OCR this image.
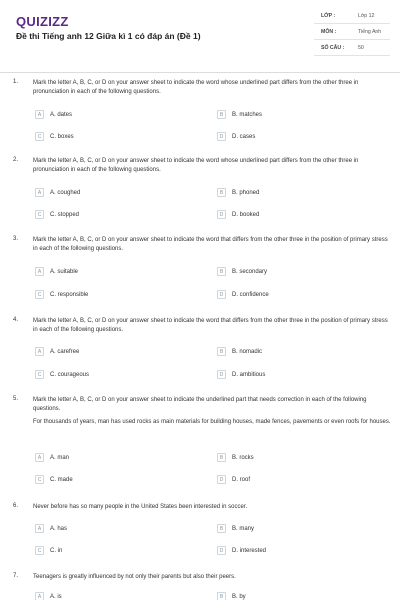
QUIZIZZ
Đề thi Tiếng anh 12 Giữa kì 1 có đáp án (Đề 1)
LỚP :	Lớp 12
MÔN :	Tiếng Anh
SỐ CÂU :	50
1. Mark the letter A, B, C, or D on your answer sheet to indicate the word whose underlined part differs from the other three in pronunciation in each of the following questions.
A	A. dates	B	B. matches
C	C. boxes	D	D. cases
2. Mark the letter A, B, C, or D on your answer sheet to indicate the word whose underlined part differs from the other three in pronunciation in each of the following questions.
A	A. coughed	B	B. phoned
C	C. stopped	D	D. booked
3. Mark the letter A, B, C, or D on your answer sheet to indicate the word that differs from the other three in the position of primary stress in each of the following questions.
A	A. suitable	B	B. secondary
C	C. responsible	D	D. confidence
4. Mark the letter A, B, C, or D on your answer sheet to indicate the word that differs from the other three in the position of primary stress in each of the following questions.
A	A. carefree	B	B. nomadic
C	C. courageous	D	D. ambitious
5. Mark the letter A, B, C, or D on your answer sheet to indicate the underlined part that needs correction in each of the following questions.
For thousands of years, man has used rocks as main materials for building houses, made fences, pavements or even roofs for houses.
A	A. man	B	B. rocks
C	C. made	D	D. roof
6. Never before has so many people in the United States been interested in soccer.
A	A. has	B	B. many
C	C. in	D	D. interested
7. Teenagers is greatly influenced by not only their parents but also their peers.
A	A. is	B	B. by
